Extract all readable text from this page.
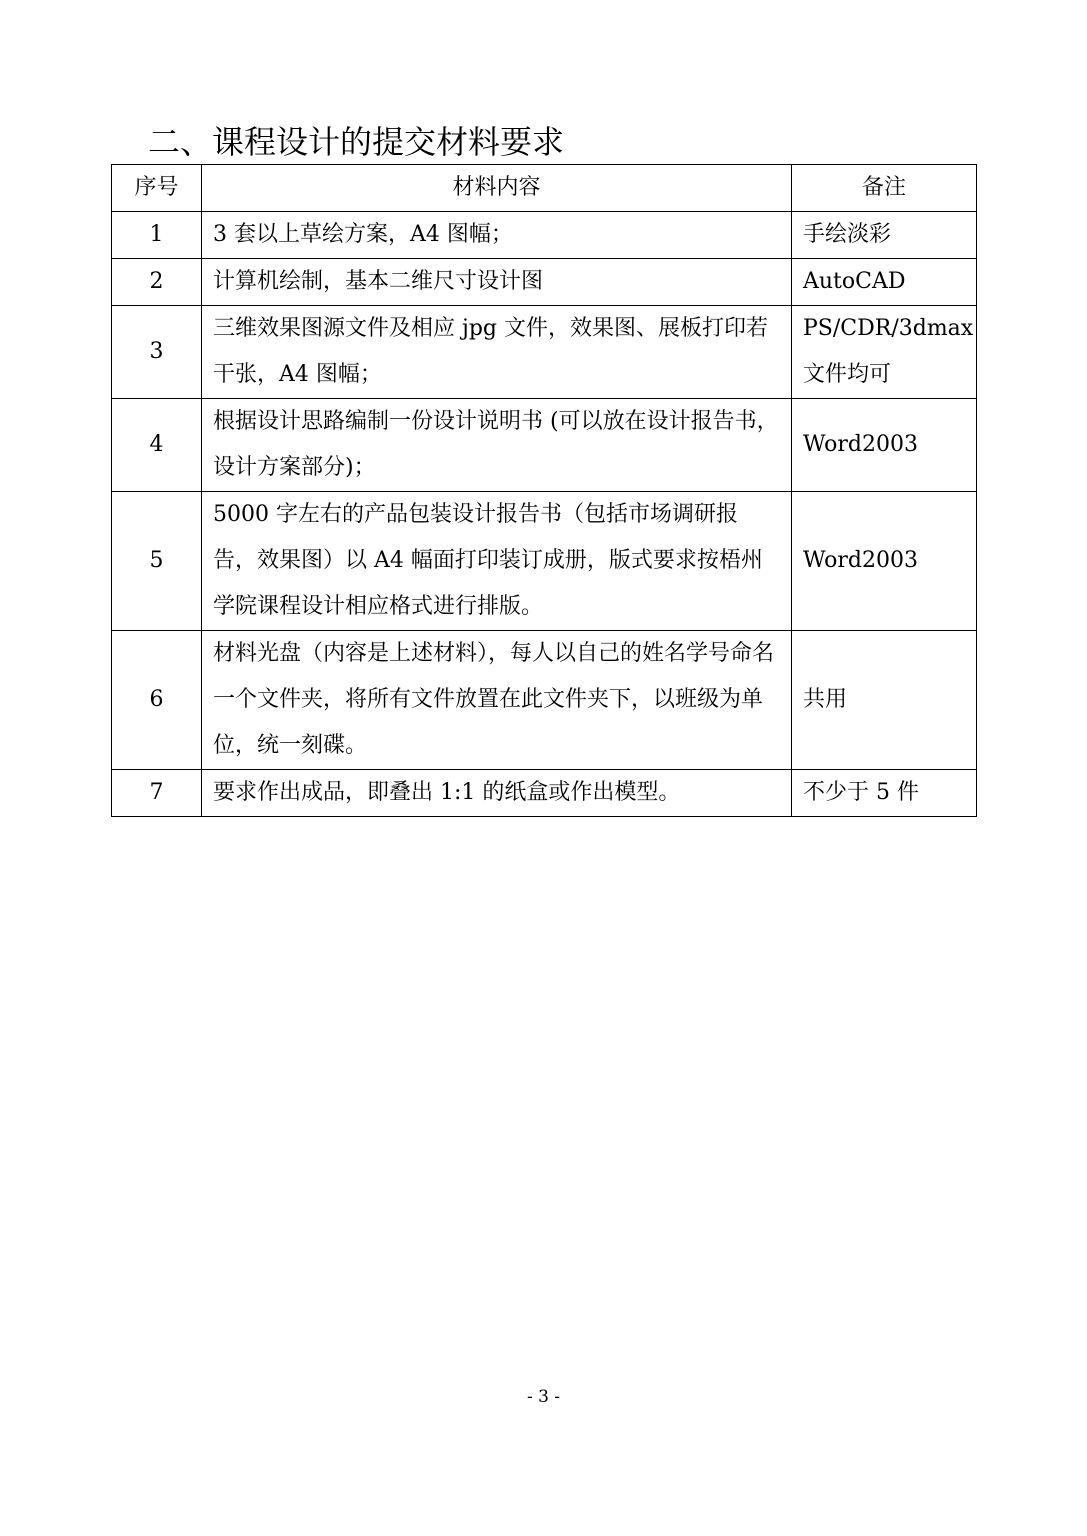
二、课程设计的提交材料要求
序号	材料内容	备注
1	3 套以上草绘方案，A4 图幅；	手绘淡彩
2	计算机绘制，基本二维尺寸设计图	AutoCAD
3	三维效果图源文件及相应 jpg 文件，效果图、展板打印若干张，A4 图幅；	PS/CDR/3dmax 文件均可
4	根据设计思路编制一份设计说明书 (可以放在设计报告书，设计方案部分)；	Word2003
5	5000 字左右的产品包装设计报告书（包括市场调研报告，效果图）以 A4 幅面打印装订成册，版式要求按梧州学院课程设计相应格式进行排版。	Word2003
6	材料光盘（内容是上述材料），每人以自己的姓名学号命名一个文件夹，将所有文件放置在此文件夹下，以班级为单位，统一刻碟。	共用
7	要求作出成品，即叠出 1:1 的纸盒或作出模型。	不少于 5 件
- 3 -
